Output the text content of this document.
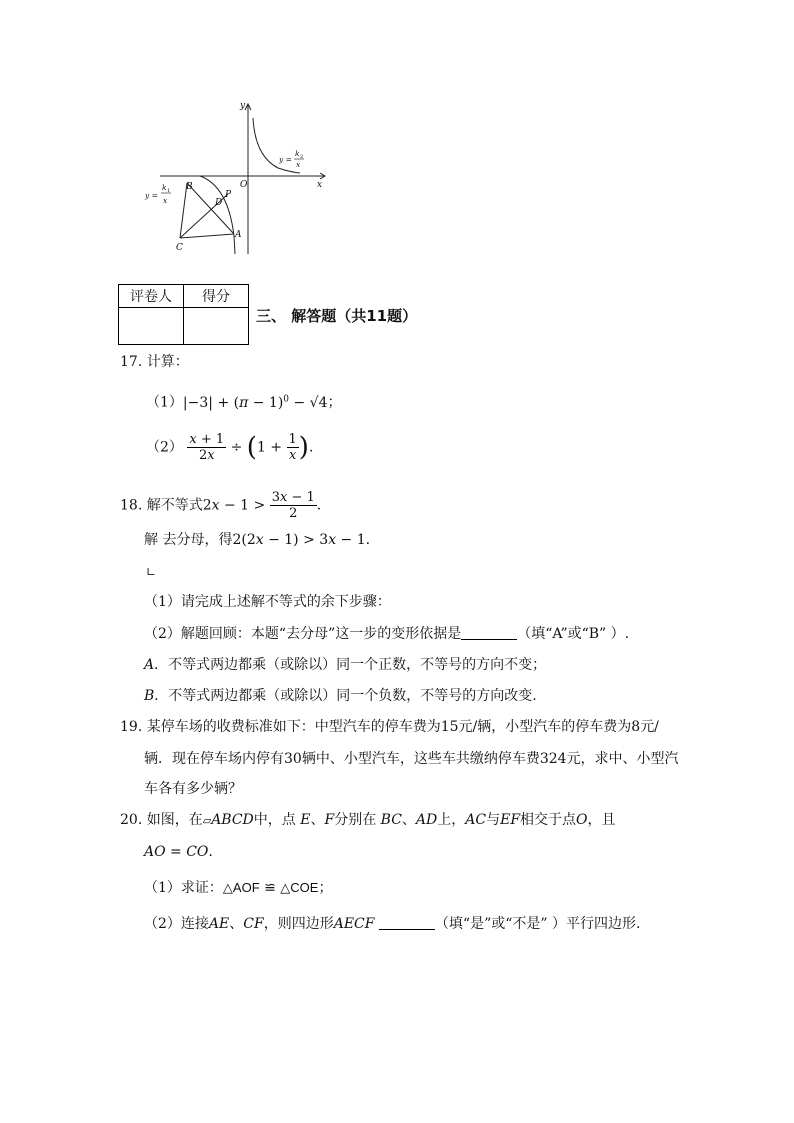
y
x
O
B
P
D
A
C
y =
k 2
x
y =
k 1
x
评卷人	得分

三、 解答题（共11题）
17. 计算：
$(1)|-3| + (\pi - 1)^0 - √4$；
$(2) \frac{x + 1}{2x} \div (1 + \frac{1}{x}$ ).
18. 解不等式$2x - 1 > \frac{3x - 1}{2}$ .
解 去分母，得2(2x − 1) > 3x − 1.
∟
（1）请完成上述解不等式的余下步骤：
（2）解题回顾：本题“去分母”这一步的变形依据是	（填“A”或“B” ）.
A．不等式两边都乘（或除以）同一个正数，不等号的方向不变；
B．不等式两边都乘（或除以）同一个负数，不等号的方向改变.
19. 某停车场的收费标准如下：中型汽车的停车费为15元/辆，小型汽车的停车费为8元/
辆．现在停车场内停有30辆中、小型汽车，这些车共缴纳停车费324元，求中、小型汽
车各有多少辆？
20. 如图，在▱ABCD中，点 E、F分别在 BC、AD上，AC与EF相交于点O，且
AO = CO.
（1）求证：△AOF ≌ △COE；
（2）连接AE、CF，则四边形AECF	（填“是”或“不是” ）平行四边形.
